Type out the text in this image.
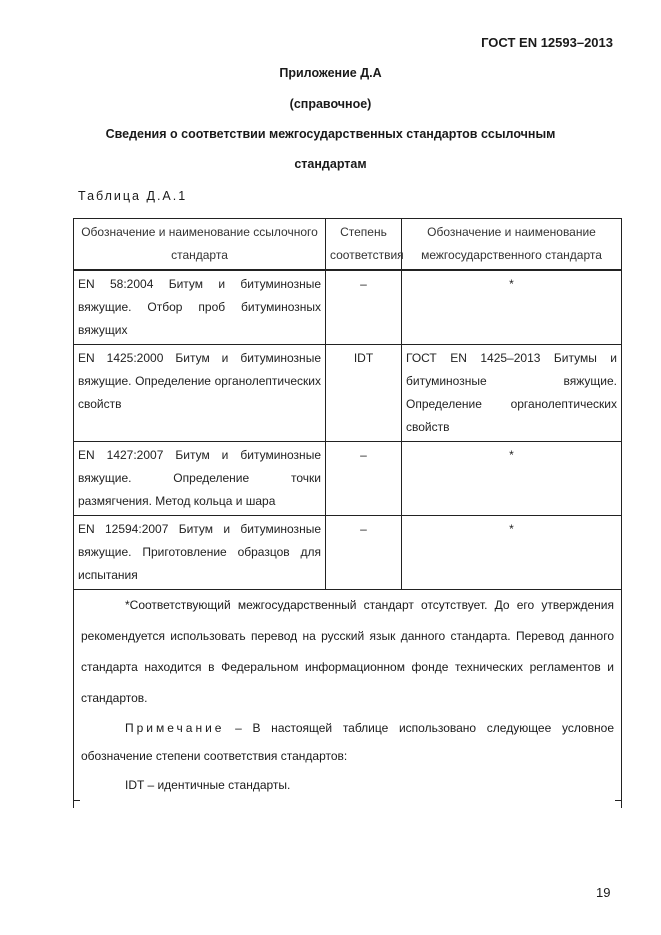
ГОСТ EN 12593–2013
Приложение Д.А
(справочное)
Сведения о соответствии межгосударственных стандартов ссылочным
стандартам
Таблица Д.А.1
Обозначение и наименование ссылочного стандарта	Степень соответствия	Обозначение и наименование межгосударственного стандарта
EN 58:2004 Битум и битуминозные вяжущие. Отбор проб битуминозных вяжущих	–	*
EN 1425:2000 Битум и битуминозные вяжущие. Определение органолептических свойств	IDT	ГОСТ EN 1425–2013 Битумы и битуминозные вяжущие. Определение органолептических свойств
EN 1427:2007 Битум и битуминозные вяжущие. Определение точки размягчения. Метод кольца и шара	–	*
EN 12594:2007 Битум и битуминозные вяжущие. Приготовление образцов для испытания	–	*

*Соответствующий межгосударственный стандарт отсутствует. До его утверждения рекомендуется использовать перевод на русский язык данного стандарта. Перевод данного стандарта находится в Федеральном информационном фонде технических регламентов и стандартов.

Примечание – В настоящей таблице использовано следующее условное обозначение степени соответствия стандартов:

IDT – идентичные стандарты.		

19
